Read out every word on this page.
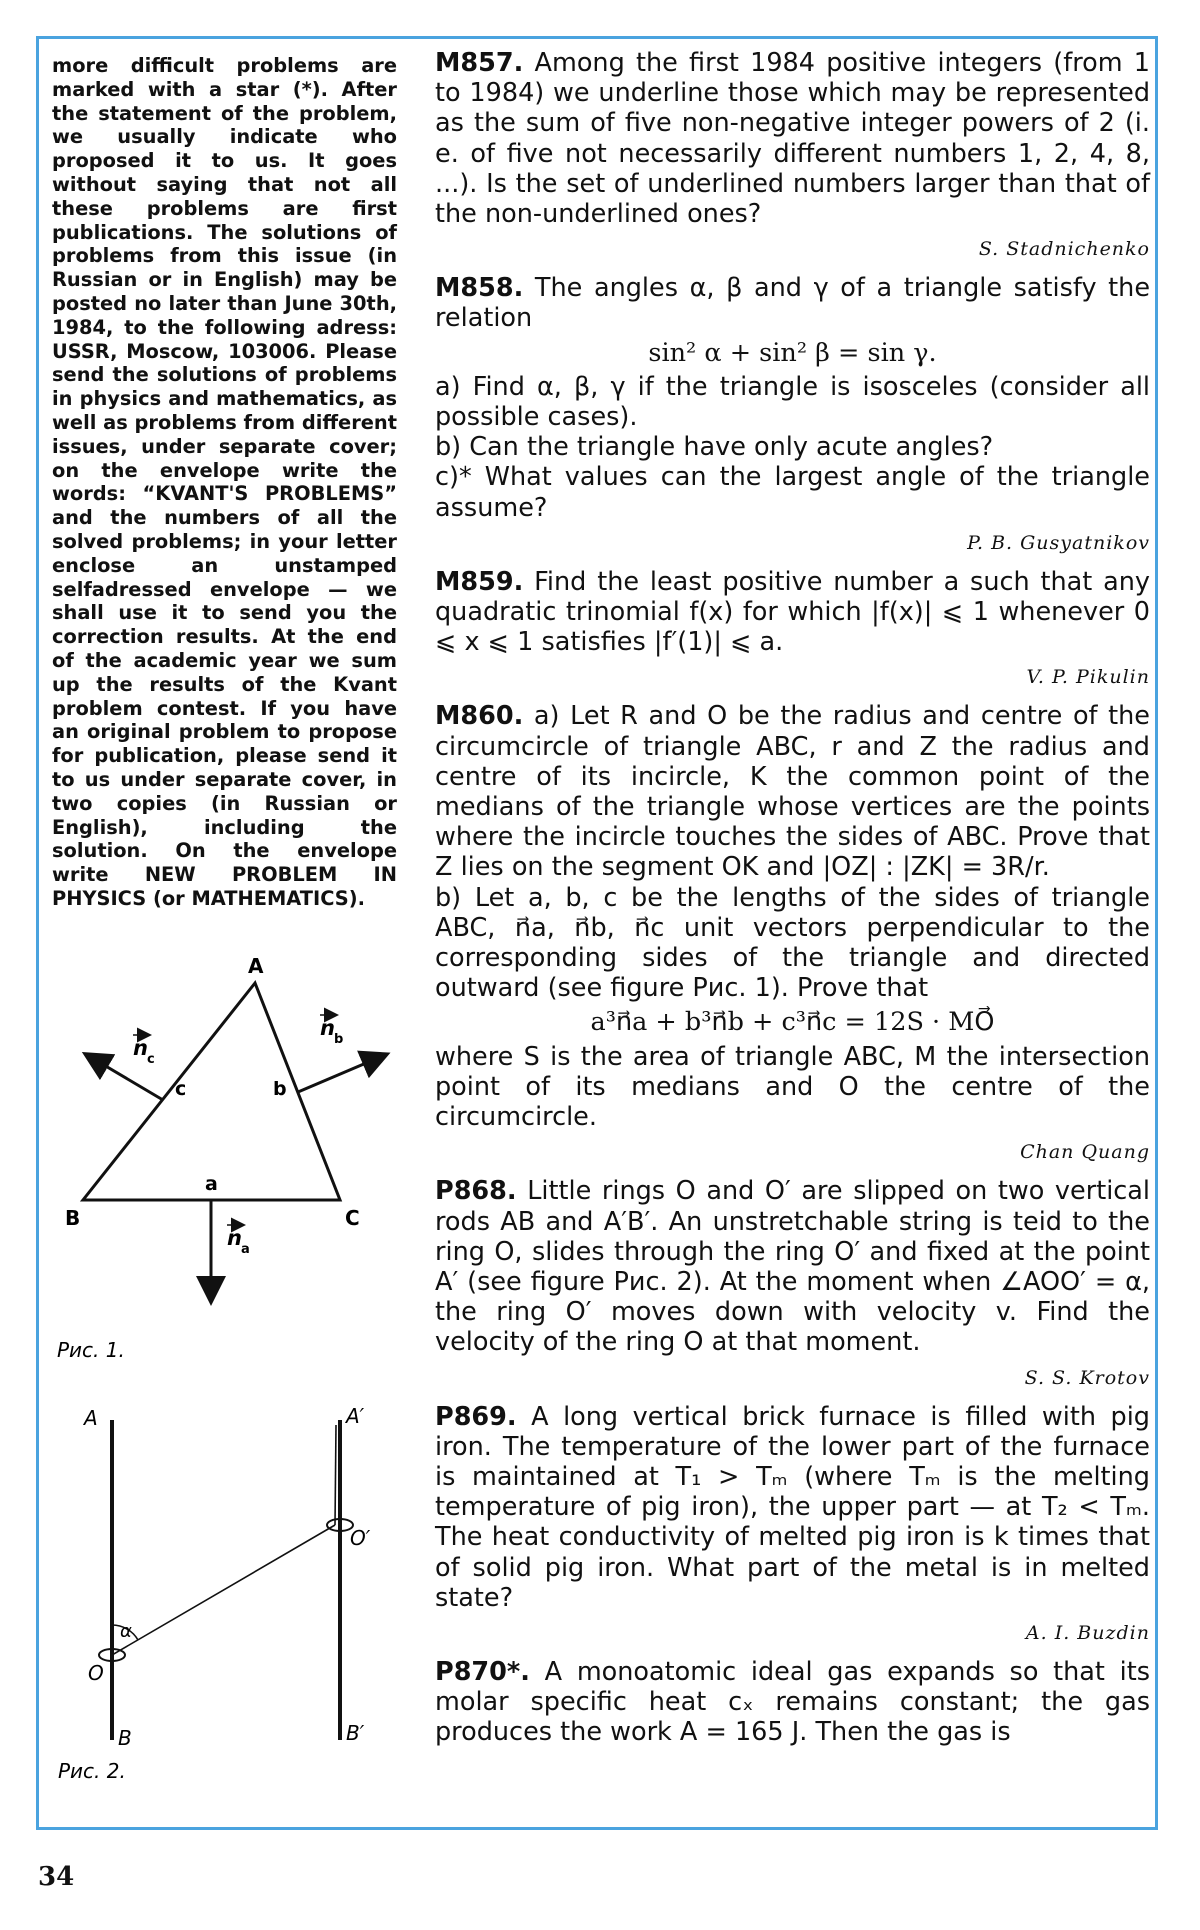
more difficult problems are marked with a star (*). After the statement of the problem, we usually indicate who proposed it to us. It goes without saying that not all these problems are first publications. The solutions of problems from this issue (in Russian or in English) may be posted no later than June 30th, 1984, to the following adress: USSR, Moscow, 103006. Please send the solutions of problems in physics and mathematics, as well as problems from different issues, under separate cover; on the envelope write the words: “KVANT'S PROBLEMS” and the numbers of all the solved problems; in your letter enclose an unstamped selfadressed envelope — we shall use it to send you the correction results. At the end of the academic year we sum up the results of the Kvant problem contest. If you have an original problem to propose for publication, please send it to us under separate cover, in two copies (in Russian or English), including the solution. On the envelope write NEW PROBLEM IN PHYSICS (or MATHEMATICS).
A
B	C
a
b
c
n c
n b
n a
Рис. 1.
A
B
A′
B′
O
O′
α
Рис. 2.

M857. Among the first 1984 positive integers (from 1 to 1984) we underline those which may be represented as the sum of five non-negative integer powers of 2 (i. e. of five not necessarily different numbers 1, 2, 4, 8, ...). Is the set of underlined numbers larger than that of the non-underlined ones?

S. Stadnichenko

M858. The angles α, β and γ of a triangle satisfy the relation

sin² α + sin² β = sin γ.

a) Find α, β, γ if the triangle is isosceles (consider all possible cases).

b) Can the triangle have only acute angles?

c)* What values can the largest angle of the triangle assume?

P. B. Gusyatnikov

M859. Find the least positive number a such that any quadratic trinomial f(x) for which |f(x)| ⩽ 1 whenever 0 ⩽ x ⩽ 1 satisfies |f′(1)| ⩽ a.

V. P. Pikulin

M860. a) Let R and O be the radius and centre of the circumcircle of triangle ABC, r and Z the radius and centre of its incircle, K the common point of the medians of the triangle whose vertices are the points where the incircle touches the sides of ABC. Prove that Z lies on the segment OK and |OZ| : |ZK| = 3R/r.

b) Let a, b, c be the lengths of the sides of triangle ABC, n⃗a, n⃗b, n⃗c unit vectors perpendicular to the corresponding sides of the triangle and directed outward (see figure Рис. 1). Prove that

a³n⃗a + b³n⃗b + c³n⃗c = 12S · MO⃗

where S is the area of triangle ABC, M the intersection point of its medians and O the centre of the circumcircle.

Chan Quang

P868. Little rings O and O′ are slipped on two vertical rods AB and A′B′. An unstretchable string is teid to the ring O, slides through the ring O′ and fixed at the point A′ (see figure Рис. 2). At the moment when ∠AOO′ = α, the ring O′ moves down with velocity v. Find the velocity of the ring O at that moment.

S. S. Krotov

P869. A long vertical brick furnace is filled with pig iron. The temperature of the lower part of the furnace is maintained at T₁ > Tₘ (where Tₘ is the melting temperature of pig iron), the upper part — at T₂ < Tₘ. The heat conductivity of melted pig iron is k times that of solid pig iron. What part of the metal is in melted state?

A. I. Buzdin

P870*. A monoatomic ideal gas expands so that its molar specific heat cₓ remains constant; the gas produces the work A = 165 J. Then the gas is

34
